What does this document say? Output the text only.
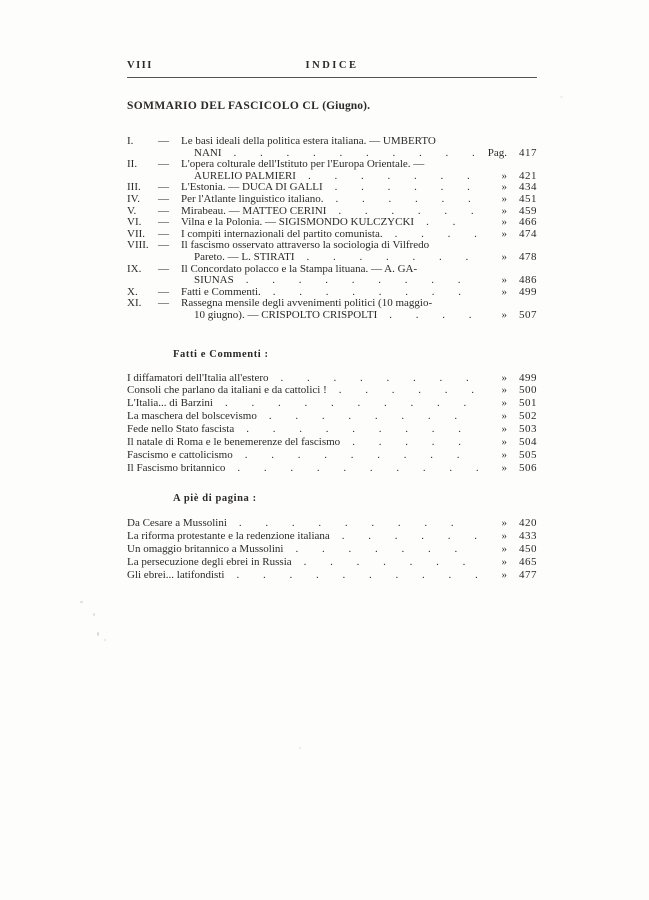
VIII	INDICE
SOMMARIO DEL FASCICOLO CL (Giugno).
I.	—	Le basi ideali della politica estera italiana. — UMBERTO
NANI . . .	Pag.	417
II.	—	L'opera colturale dell'Istituto per l'Europa Orientale. —
AURELIO PALMIERI . . .	»	421
III.	—	L'Estonia. — DUCA DI GALLI . . .	»	434
IV.	—	Per l'Atlante linguistico italiano. . . .	»	451
V.	—	Mirabeau. — MATTEO CERINI . . .	»	459
VI.	—	Vilna e la Polonia. — SIGISMONDO KULCZYCKI . . .	»	466
VII.	—	I compiti internazionali del partito comunista. . . .	»	474
VIII. —	Il fascismo osservato attraverso la sociologia di Vilfredo
Pareto. — L. STIRATI . . .	»	478
IX.	—	Il Concordato polacco e la Stampa lituana. — A. GA-
SIUNAS . . .	»	486
X.	—	Fatti e Commenti. . . .	»	499
XI.	—	Rassegna mensile degli avvenimenti politici (10 maggio-
10 giugno). — CRISPOLTO CRISPOLTI . . .	»	507
Fatti e Commenti :
I diffamatori dell'Italia all'estero . . .	»	499
Consoli che parlano da italiani e da cattolici ! . . .	»	500
L'Italia... di Barzini . . .	»	501
La maschera del bolscevismo . . .	»	502
Fede nello Stato fascista . . .	»	503
Il natale di Roma e le benemerenze del fascismo . . .	»	504
Fascismo e cattolicismo . . .	»	505
Il Fascismo britannico . . .	»	506
A piè di pagina :
Da Cesare a Mussolini . . .	»	420
La riforma protestante e la redenzione italiana . . .	»	433
Un omaggio britannico a Mussolini . . .	»	450
La persecuzione degli ebrei in Russia . . .	»	465
Gli ebrei... latifondisti . . .	»	477
